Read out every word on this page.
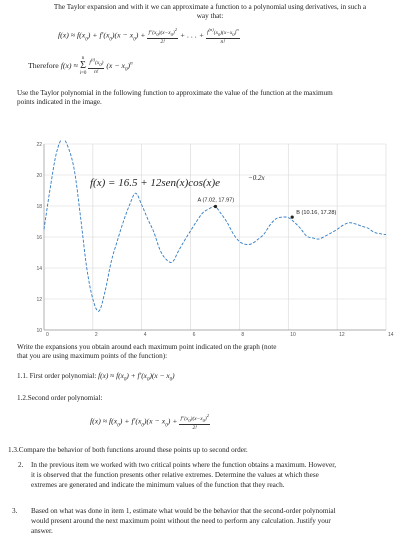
The Taylor expansion and with it we can approximate a function to a polynomial using derivatives, in such a
way that:
$f(x) \approx f(x_0) + f'(x_0)(x - x_0) + \frac{f''(x_0)(x-x_0)^2}{2!}$ + . . . + $\frac{f^{(n)}(x_0)(x-x_0)^n}{n!}$
Therefore f(x) ≈ n
Σ
$i=0 \frac{f^{(i)}(x_0)}{n!} (x - x_0)^n$
Use the Taylor polynomial in the following function to approximate the value of the function at the maximum
points indicated in the image.
0	2	4	6	8	10	12	14
10
12
14
16
18
20
22
A (7.02, 17.97)
B (10.16, 17.28)
f(x) = 16.5 + 12sen(x)cos(x)e	−0.2x
Write the expansions you obtain around each maximum point indicated on the graph (note
that you are using maximum points of the function):
1.1. First order polynomial: $f(x) \approx f(x_0) + f'(x_0)(x - x_0)$
1.2.Second order polynomial:
$f(x) \approx f(x_0) + f'(x_0)(x - x_0) + \frac{f''(x_0)(x-x_0)^2}{2!}$
1.3.Compare the behavior of both functions around these points up to second order.
2. In the previous item we worked with two critical points where the function obtains a maximum. However,
it is observed that the function presents other relative extremes. Determine the values at which these
extremes are generated and indicate the minimum values of the function that they reach.
3. Based on what was done in item 1, estimate what would be the behavior that the second-order polynomial
would present around the next maximum point without the need to perform any calculation. Justify your
answer.
